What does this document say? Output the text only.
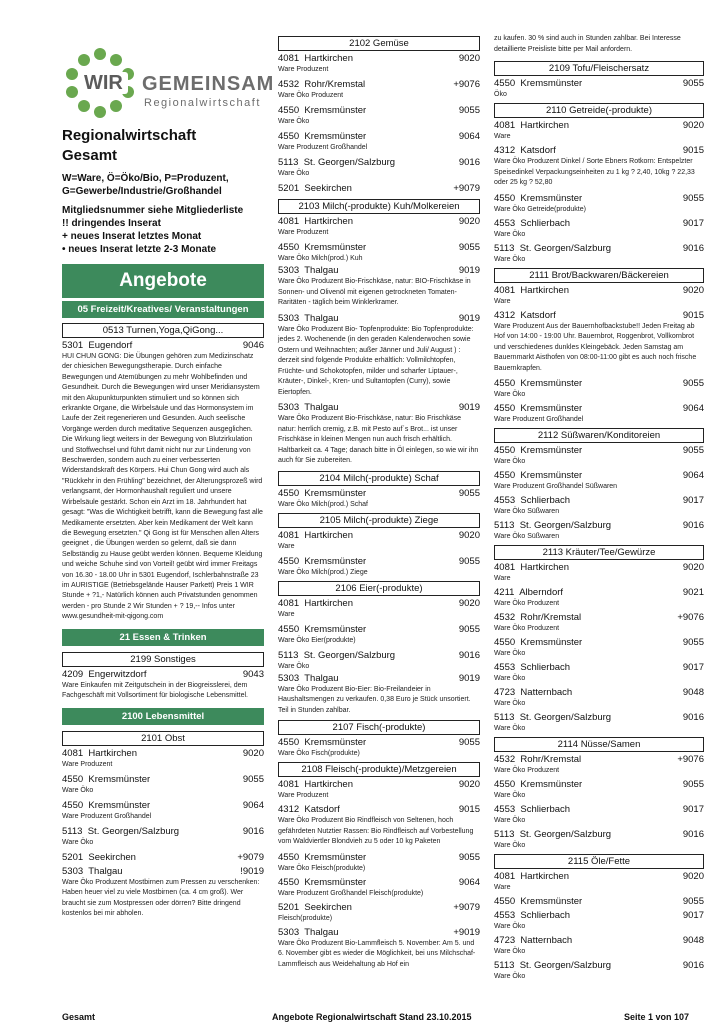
WIR GEMEINSAM
Regionalwirtschaft
Regionalwirtschaft
Gesamt
W=Ware, Ö=Öko/Bio, P=Produzent,
G=Gewerbe/Industrie/Großhandel
Mitgliedsnummer siehe Mitgliederliste
!! dringendes Inserat
+ neues Inserat letztes Monat
• neues Inserat letzte 2-3 Monate
Angebote
05 Freizeit/Kreatives/ Veranstaltungen
0513 Turnen,Yoga,QiGong...
5301 Eugendorf	9046
HUI CHUN GONG: Die Übungen gehören zum Medizinschatz der chiesichen Bewegungstherapie. Durch einfache Bewegungen und Atemübungen zu mehr Wohlbefinden und Gesundheit. Durch die Bewegungen wird unser Meridiansystem mit den Akupunkturpunkten stimuliert und so können sich erkrankte Organe, die Wirbelsäule und das Hormonsystem im Laufe der Zeit regenerieren und Gesunden. Auch seelische Vorgänge werden durch meditative Sequenzen ausgeglichen. Die Wirkung liegt weiters in der Bewegung von Blutzirkulation und Stoffwechsel und führt damit nicht nur zur Linderung von Beschwerden, sondern auch zu einer verbesserten Widerstandskraft des Körpers. Hui Chun Gong wird auch als "Rückkehr in den Frühling" bezeichnet, der Alterungsprozeß wird verlangsamt, der Hormonhaushalt reguliert und unsere Wirbelsäule gestärkt. Schon ein Arzt im 18. Jahrhundert hat gesagt: "Was die Wichtigkeit betrifft, kann die Bewegung fast alle Medikamente ersetzten. Aber kein Medikament der Welt kann die Bewegung ersetzten." Qi Gong ist für Menschen allen Alters geeignet , die Übungen werden so gelernt, daß sie dann Selbständig zu Hause geübt werden können. Bequeme Kleidung und weiche Schuhe sind von Vorteil! geübt wird immer Freitags von 16.30 - 18.00 Uhr in 5301 Eugendorf, Ischlerbahnstraße 23 im AURISTIGE (Betriebsgelände Hauser Parkett) Preis 1 WIR Stunde + ?1,- Natürlich können auch Privatstunden genommen werden - pro Stunde 2 Wir Stunden + ? 19,-- Infos unter www.gesundheit-mit-qigong.com
21 Essen & Trinken
2199 Sonstiges
4209 Engerwitzdorf	9043
Ware Einkaufen mit Zeitgutschein in der Biogreisslerei, dem Fachgeschäft mit Vollsortiment für biologische Lebensmittel.
2100 Lebensmittel
2101 Obst
4081 Hartkirchen	9020
Ware Produzent
4550 Kremsmünster	9055
Ware Öko
4550 Kremsmünster	9064
Ware Produzent Großhandel
5113 St. Georgen/Salzburg	9016
Ware Öko
5201 Seekirchen	+9079
5303 Thalgau	!9019
Ware Öko Produzent Mostbirnen zum Pressen zu verschenken: Haben heuer viel zu viele Mostbirnen (ca. 4 cm groß). Wer braucht sie zum Mostpressen oder dörren? Bitte dringend kostenlos bei mir abholen.
2102 Gemüse
4081 Hartkirchen	9020
Ware Produzent
4532 Rohr/Kremstal	+9076
Ware Öko Produzent
4550 Kremsmünster	9055
Ware Öko
4550 Kremsmünster	9064
Ware Produzent Großhandel
5113 St. Georgen/Salzburg	9016
Ware Öko
5201 Seekirchen	+9079
2103 Milch(-produkte) Kuh/Molkereien
4081 Hartkirchen	9020
Ware Produzent
4550 Kremsmünster	9055
Ware Öko Milch(prod.) Kuh
5303 Thalgau	9019
Ware Öko Produzent Bio-Frischkäse, natur: BIO-Frischkäse in Sonnen- und Olivenöl mit eigenen getrockneten Tomaten-Raritäten - täglich beim Winklerkramer.
5303 Thalgau	9019
Ware Öko Produzent Bio- Topfenprodukte: Bio Topfenprodukte: jedes 2. Wochenende (in den geraden Kalenderwochen sowie Ostern und Weihnachten; außer Jänner und Juli/ August ) : derzeit sind folgende Produkte erhältlich: Vollmilchtopfen, Früchte- und Schokotopfen, milder und scharfer Liptauer-, Kräuter-, Dinkel-, Kren- und Sultantopfen (Curry), sowie Eiertopfen.
5303 Thalgau	9019
Ware Öko Produzent Bio-Frischkäse, natur: Bio Frischkäse natur: herrlich cremig, z.B. mit Pesto auf´s Brot... ist unser Frischkäse in kleinen Mengen nun auch frisch erhältlich. Haltbarkeit ca. 4 Tage; danach bitte in Öl einlegen, so wie wir ihn auch für Sie zubereiten.
2104 Milch(-produkte) Schaf
4550 Kremsmünster	9055
Ware Öko Milch(prod.) Schaf
2105 Milch(-produkte) Ziege
4081 Hartkirchen	9020
Ware
4550 Kremsmünster	9055
Ware Öko Milch(prod.) Ziege
2106 Eier(-produkte)
4081 Hartkirchen	9020
Ware
4550 Kremsmünster	9055
Ware Öko Eier(produkte)
5113 St. Georgen/Salzburg	9016
Ware Öko
5303 Thalgau	9019
Ware Öko Produzent Bio-Eier: Bio-Freilandeier in Haushaltsmengen zu verkaufen. 0,38 Euro je Stück unsortiert. Teil in Stunden zahlbar.
2107 Fisch(-produkte)
4550 Kremsmünster	9055
Ware Öko Fisch(produkte)
2108 Fleisch(-produkte)/Metzgereien
4081 Hartkirchen	9020
Ware Produzent
4312 Katsdorf	9015
Ware Öko Produzent Bio Rindfleisch von Seltenen, hoch gefährdeten Nutztier Rassen: Bio Rindfleisch auf Vorbestellung vom Waldviertler Blondvieh zu 5 oder 10 kg Paketen
4550 Kremsmünster	9055
Ware Öko Fleisch(produkte)
4550 Kremsmünster	9064
Ware Produzent Großhandel Fleisch(produkte)
5201 Seekirchen	+9079
Fleisch(produkte)
5303 Thalgau	+9019
Ware Öko Produzent Bio-Lammfleisch 5. November: Am 5. und 6. November gibt es wieder die Möglichkeit, bei uns Milchschaf-Lammfleisch aus Weidehaltung ab Hof ein
zu kaufen. 30 % sind auch in Stunden zahlbar. Bei Interesse detaillierte Preisliste bitte per Mail anfordern.
2109 Tofu/Fleischersatz
4550 Kremsmünster	9055
Öko
2110 Getreide(-produkte)
4081 Hartkirchen	9020
Ware
4312 Katsdorf	9015
Ware Öko Produzent Dinkel / Sorte Ebners Rotkorn: Entspelzter Speisedinkel Verpackungseinheiten zu 1 kg ? 2,40, 10kg ? 22,33 oder 25 kg ? 52,80
4550 Kremsmünster	9055
Ware Öko Getreide(produkte)
4553 Schlierbach	9017
Ware Öko
5113 St. Georgen/Salzburg	9016
Ware Öko
2111 Brot/Backwaren/Bäckereien
4081 Hartkirchen	9020
Ware
4312 Katsdorf	9015
Ware Produzent Aus der Bauernhofbackstube!! Jeden Freitag ab Hof von 14:00 - 19:00 Uhr. Bauernbrot, Roggenbrot, Vollkornbrot und verschiedenes dunkles Kleingebäck. Jeden Samstag am Bauernmarkt Aisthofen von 08:00-11:00 gibt es auch noch frische Bauernkrapfen.
4550 Kremsmünster	9055
Ware Öko
4550 Kremsmünster	9064
Ware Produzent Großhandel
2112 Süßwaren/Konditoreien
4550 Kremsmünster	9055
Ware Öko
4550 Kremsmünster	9064
Ware Produzent Großhandel Süßwaren
4553 Schlierbach	9017
Ware Öko Süßwaren
5113 St. Georgen/Salzburg	9016
Ware Öko Süßwaren
2113 Kräuter/Tee/Gewürze
4081 Hartkirchen	9020
Ware
4211 Alberndorf	9021
Ware Öko Produzent
4532 Rohr/Kremstal	+9076
Ware Öko Produzent
4550 Kremsmünster	9055
Ware Öko
4553 Schlierbach	9017
Ware Öko
4723 Natternbach	9048
Ware Öko
5113 St. Georgen/Salzburg	9016
Ware Öko
2114 Nüsse/Samen
4532 Rohr/Kremstal	+9076
Ware Öko Produzent
4550 Kremsmünster	9055
Ware Öko
4553 Schlierbach	9017
Ware Öko
5113 St. Georgen/Salzburg	9016
Ware Öko
2115 Öle/Fette
4081 Hartkirchen	9020
Ware
4550 Kremsmünster	9055
4553 Schlierbach	9017
Ware Öko
4723 Natternbach	9048
Ware Öko
5113 St. Georgen/Salzburg	9016
Ware Öko
Gesamt	Angebote Regionalwirtschaft Stand 23.10.2015	Seite 1 von 107
